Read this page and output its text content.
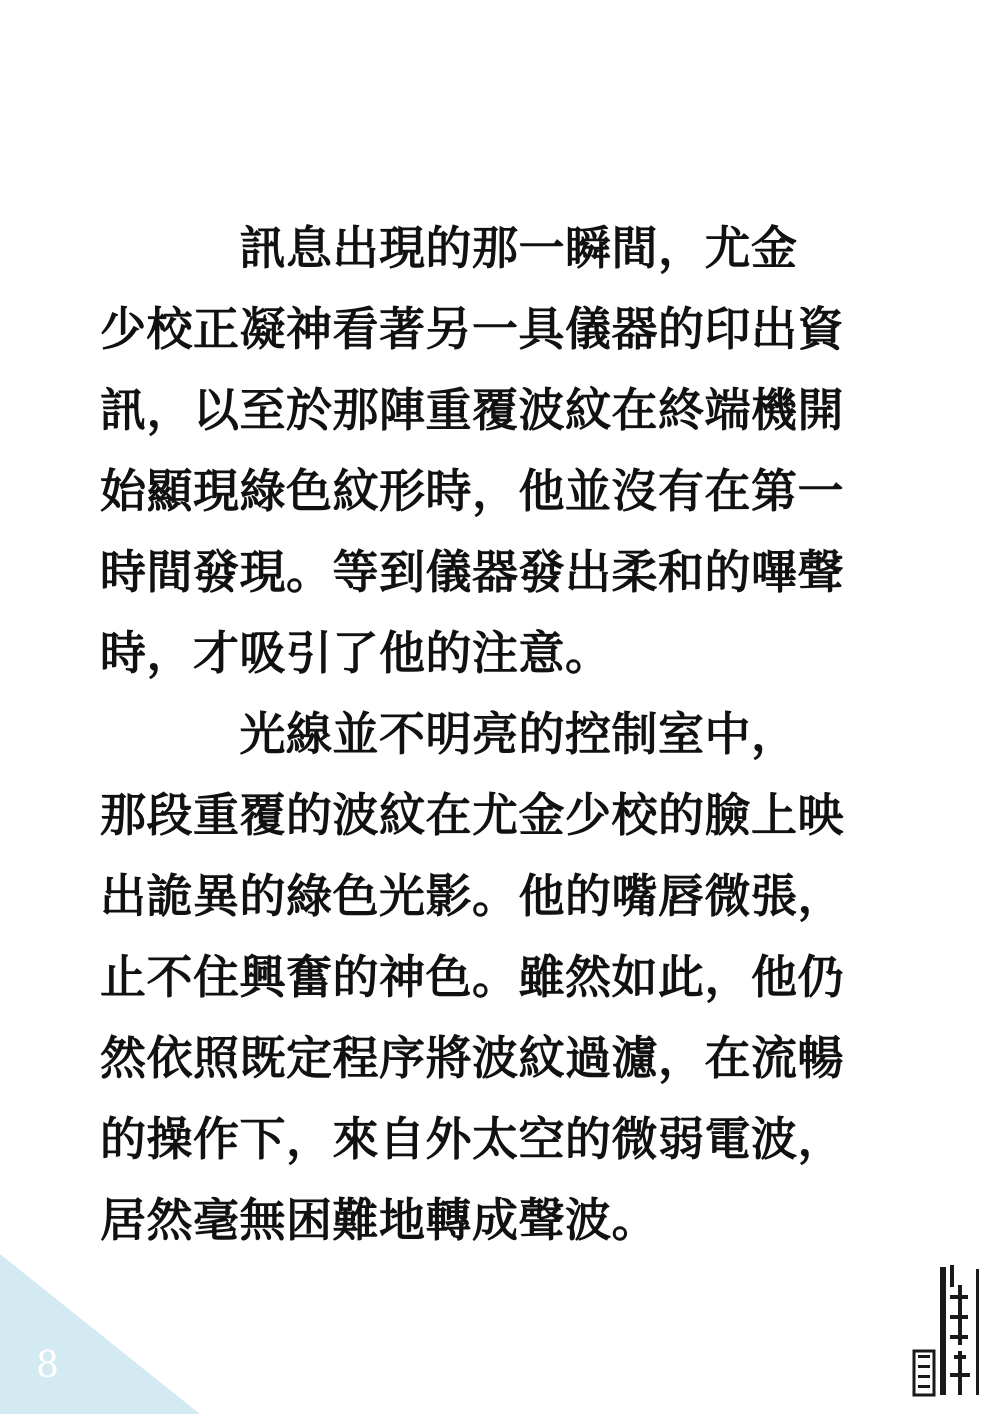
8
　　　訊息出現的那一瞬間，尤金
少校正凝神看著另一具儀器的印出資
訊，以至於那陣重覆波紋在終端機開
始顯現綠色紋形時，他並沒有在第一
時間發現。等到儀器發出柔和的嗶聲
時，才吸引了他的注意。
　　　光線並不明亮的控制室中，
那段重覆的波紋在尤金少校的臉上映
出詭異的綠色光影。他的嘴唇微張，
止不住興奮的神色。雖然如此，他仍
然依照既定程序將波紋過濾，在流暢
的操作下，來自外太空的微弱電波，
居然毫無困難地轉成聲波。
